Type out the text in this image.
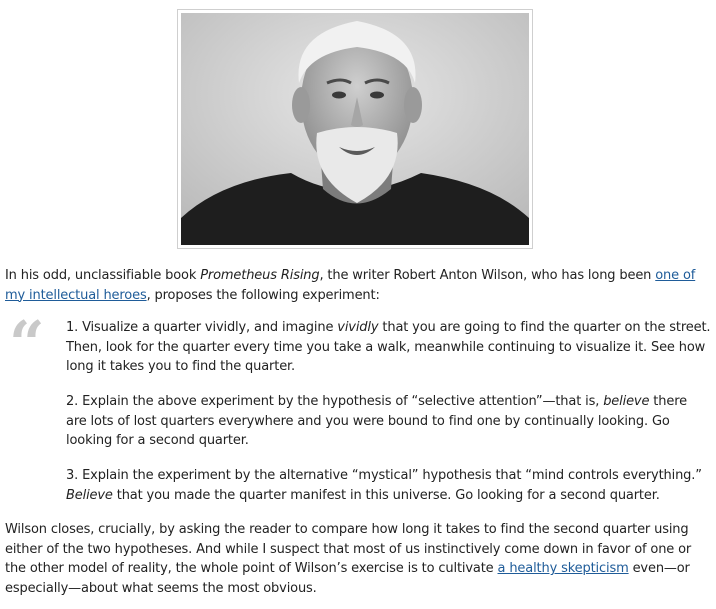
In his odd, unclassifiable book Prometheus Rising, the writer Robert Anton Wilson, who has long been one of my intellectual heroes, proposes the following experiment:

“ 1. Visualize a quarter vividly, and imagine vividly that you are going to find the quarter on the street. Then, look for the quarter every time you take a walk, meanwhile continuing to visualize it. See how long it takes you to find the quarter.

2. Explain the above experiment by the hypothesis of “selective attention”—that is, believe there are lots of lost quarters everywhere and you were bound to find one by continually looking. Go looking for a second quarter.

3. Explain the experiment by the alternative “mystical” hypothesis that “mind controls everything.” Believe that you made the quarter manifest in this universe. Go looking for a second quarter.

Wilson closes, crucially, by asking the reader to compare how long it takes to find the second quarter using either of the two hypotheses. And while I suspect that most of us instinctively come down in favor of one or the other model of reality, the whole point of Wilson’s exercise is to cultivate a healthy skepticism even—or especially—about what seems the most obvious.
